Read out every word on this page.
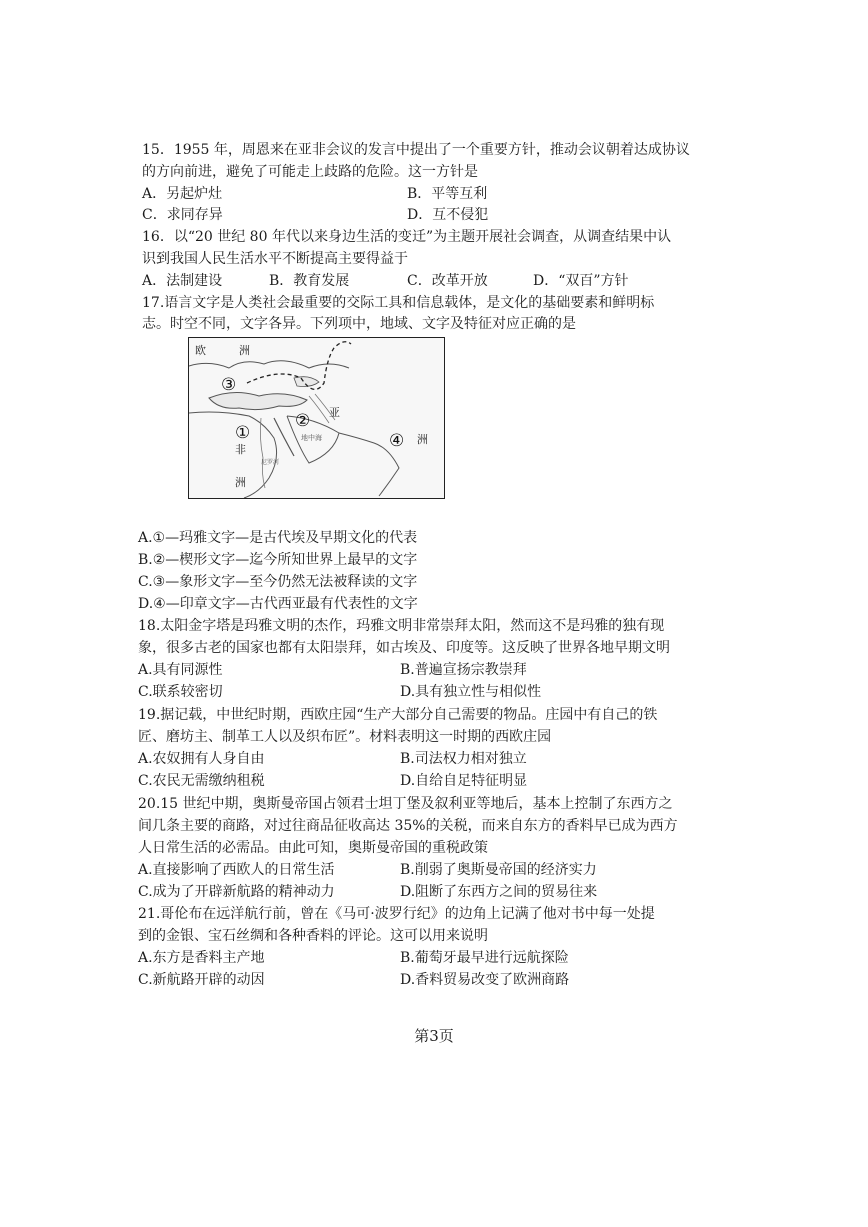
15．1955 年，周恩来在亚非会议的发言中提出了一个重要方针，推动会议朝着达成协议
的方向前进，避免了可能走上歧路的危险。这一方针是
A．另起炉灶	B．平等互利
C．求同存异	D．互不侵犯
16．以“20 世纪 80 年代以来身边生活的变迁”为主题开展社会调查，从调查结果中认
识到我国人民生活水平不断提高主要得益于
A．法制建设	B．教育发展	C．改革开放	D．“双百”方针
17.语言文字是人类社会最重要的交际工具和信息载体，是文化的基础要素和鲜明标
志。时空不同，文字各异。下列项中，地域、文字及特征对应正确的是
欧	洲
亚
洲
非
洲
地中海
尼罗河
③
②
①	④
A.①—玛雅文字—是古代埃及早期文化的代表
B.②—楔形文字—迄今所知世界上最早的文字
C.③—象形文字—至今仍然无法被释读的文字
D.④—印章文字—古代西亚最有代表性的文字
18.太阳金字塔是玛雅文明的杰作，玛雅文明非常崇拜太阳，然而这不是玛雅的独有现
象，很多古老的国家也都有太阳崇拜，如古埃及、印度等。这反映了世界各地早期文明
A.具有同源性	B.普遍宣扬宗教崇拜
C.联系较密切	D.具有独立性与相似性
19.据记载，中世纪时期，西欧庄园“生产大部分自己需要的物品。庄园中有自己的铁
匠、磨坊主、制革工人以及织布匠”。材料表明这一时期的西欧庄园
A.农奴拥有人身自由	B.司法权力相对独立
C.农民无需缴纳租税	D.自给自足特征明显
20.15 世纪中期，奥斯曼帝国占领君士坦丁堡及叙利亚等地后，基本上控制了东西方之
间几条主要的商路，对过往商品征收高达 35%的关税，而来自东方的香料早已成为西方
人日常生活的必需品。由此可知，奥斯曼帝国的重税政策
A.直接影响了西欧人的日常生活	B.削弱了奥斯曼帝国的经济实力
C.成为了开辟新航路的精神动力	D.阻断了东西方之间的贸易往来
21.哥伦布在远洋航行前，曾在《马可·波罗行纪》的边角上记满了他对书中每一处提
到的金银、宝石丝绸和各种香料的评论。这可以用来说明
A.东方是香料主产地	B.葡萄牙最早进行远航探险
C.新航路开辟的动因	D.香料贸易改变了欧洲商路
第3页
